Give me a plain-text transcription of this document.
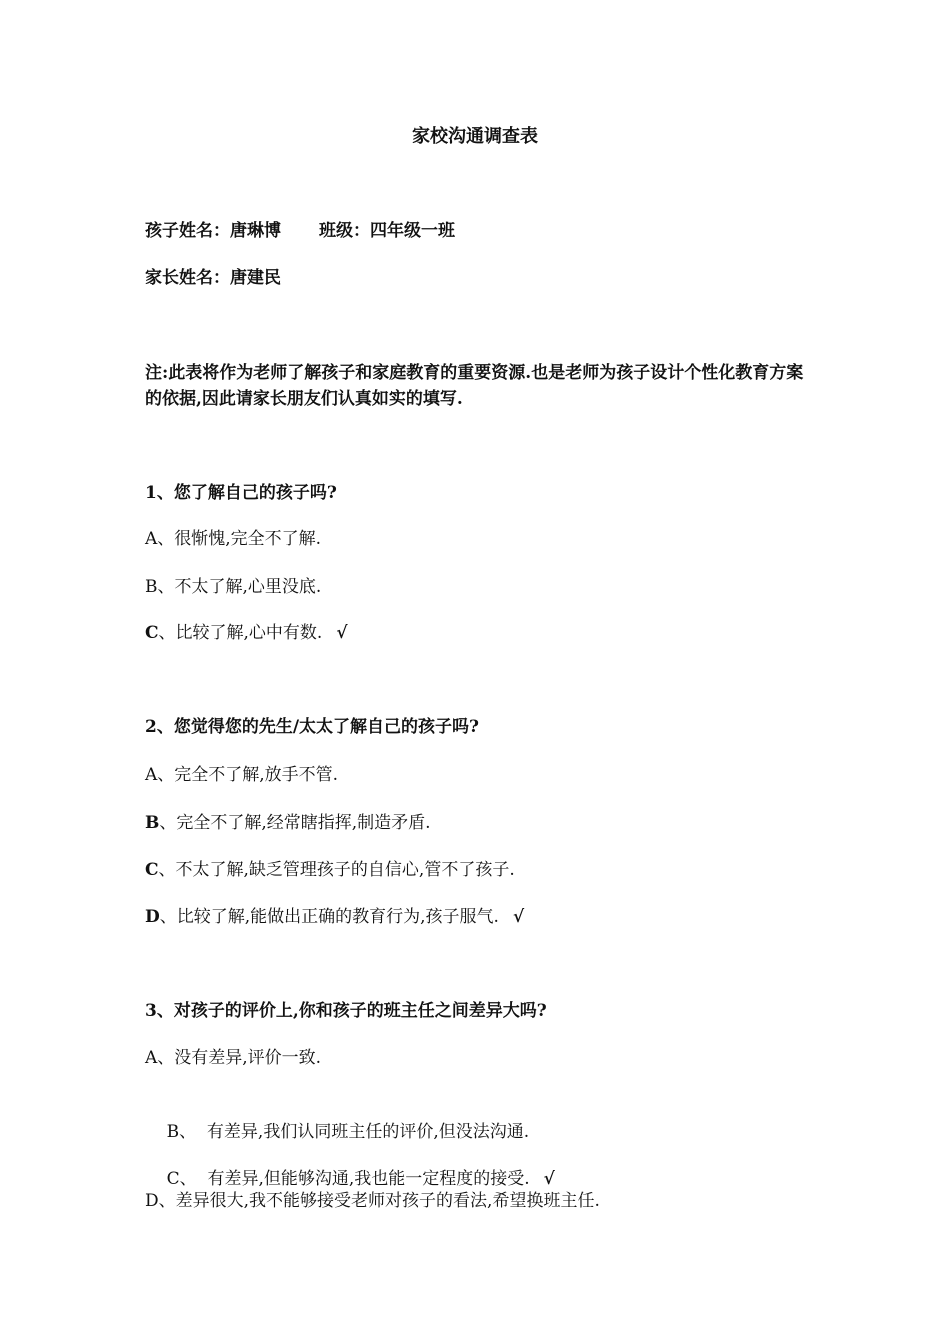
家校沟通调查表
孩子姓名：唐琳博 班级：四年级一班
家长姓名：唐建民
注:此表将作为老师了解孩子和家庭教育的重要资源.也是老师为孩子设计个性化教育方案的依据,因此请家长朋友们认真如实的填写.
1、您了解自己的孩子吗?
A、很惭愧,完全不了解.
B、不太了解,心里没底.
C、比较了解,心中有数. √
2、您觉得您的先生/太太了解自己的孩子吗?
A、完全不了解,放手不管.
B、完全不了解,经常瞎指挥,制造矛盾.
C、不太了解,缺乏管理孩子的自信心,管不了孩子.
D、比较了解,能做出正确的教育行为,孩子服气. √
3、对孩子的评价上,你和孩子的班主任之间差异大吗?
A、没有差异,评价一致.

B、  有差异,我们认同班主任的评价,但没法沟通.

C、  有差异,但能够沟通,我也能一定程度的接受. √

D、差异很大,我不能够接受老师对孩子的看法,希望换班主任.
